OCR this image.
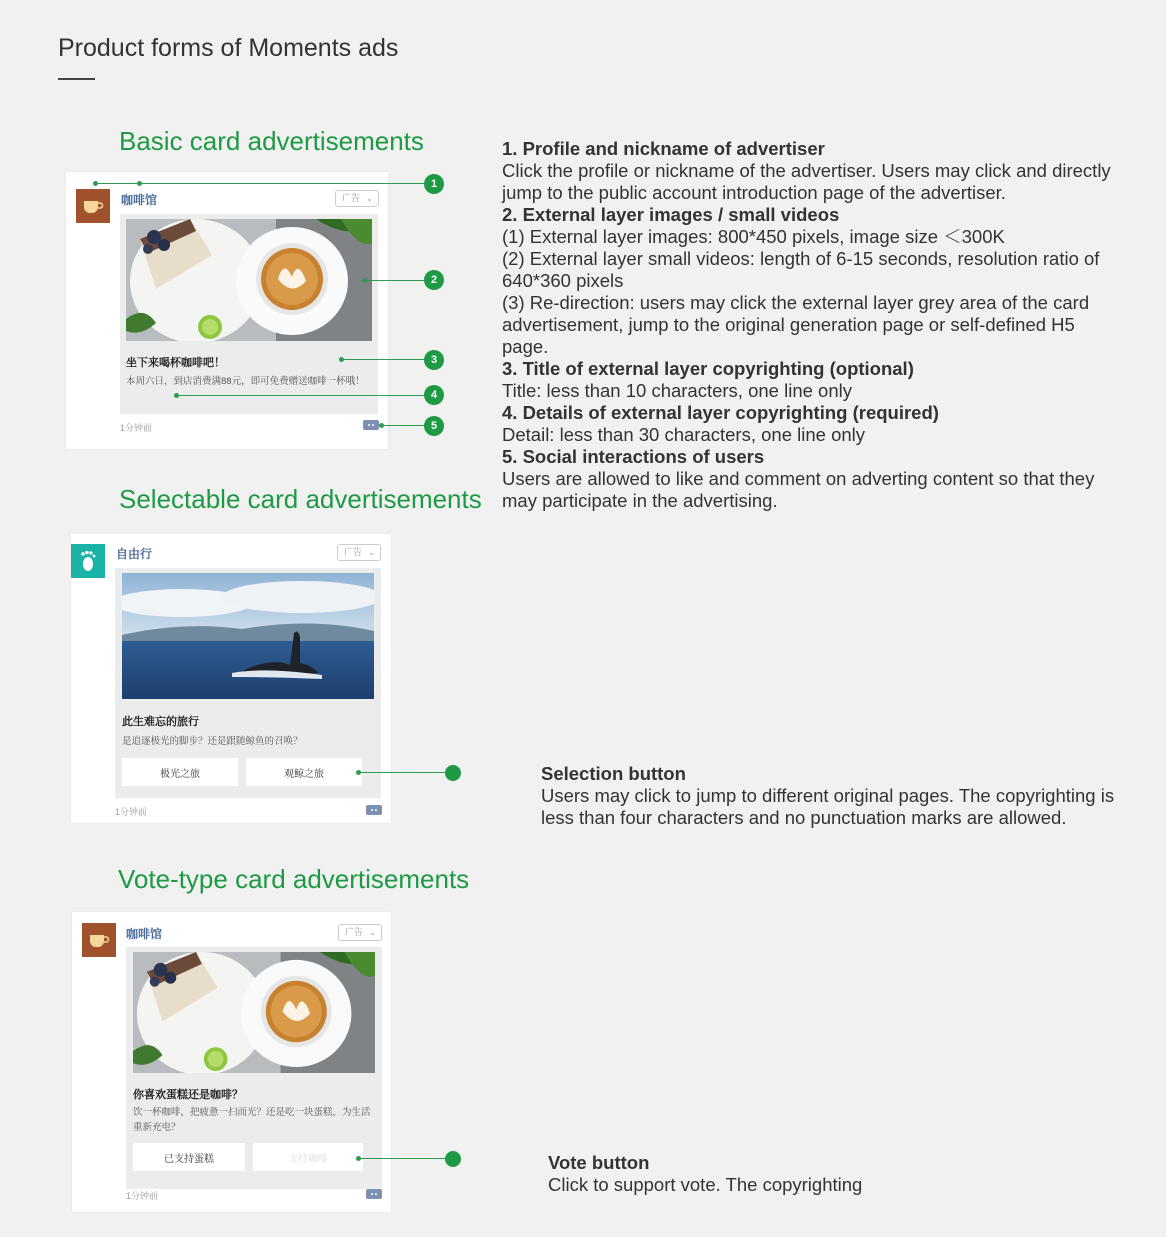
Product forms of Moments ads
Basic card advertisements
咖啡馆	广告 ⌄
坐下来喝杯咖啡吧！
本周六日，到店消费满88元，即可免费赠送咖啡一杯哦！
1分钟前
1
2
3
4
5

1. Profile and nickname of advertiser

Click the profile or nickname of the advertiser. Users may click and directly jump to the public account introduction page of the advertiser.

2. External layer images / small videos

(1) External layer images: 800*450 pixels, image size ＜300K

(2) External layer small videos: length of 6-15 seconds, resolution ratio of 640*360 pixels

(3) Re-direction: users may click the external layer grey area of the card advertisement, jump to the original generation page or self-defined H5 page.

3. Title of external layer copyrighting (optional)

Title: less than 10 characters, one line only

4. Details of external layer copyrighting (required)

Detail: less than 30 characters, one line only

5. Social interactions of users

Users are allowed to like and comment on adverting content so that they may participate in the advertising.

Selectable card advertisements
自由行	广告 ⌄
此生难忘的旅行
是追逐极光的脚步？还是跟随鲸鱼的召唤？
极光之旅	观鲸之旅
1分钟前

Selection button

Users may click to jump to different original pages. The copyrighting is less than four characters and no punctuation marks are allowed.

Vote-type card advertisements
咖啡馆	广告 ⌄
你喜欢蛋糕还是咖啡？
饮一杯咖啡，把疲惫一扫而光？还是吃一块蛋糕，为生活重新充电？
已支持蛋糕	支持咖啡
1分钟前

Vote button

Click to support vote. The copyrighting
